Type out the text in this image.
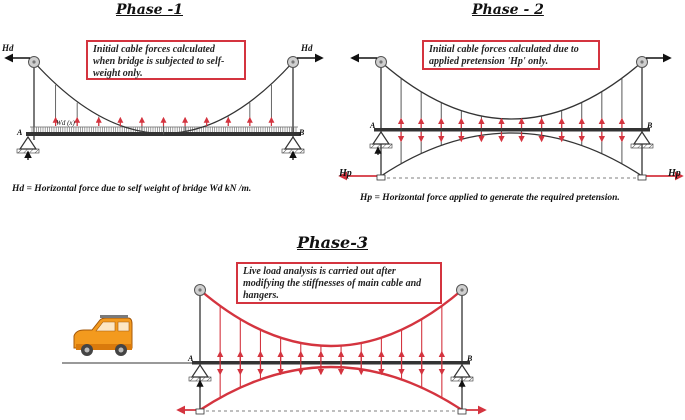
Phase -1	Phase - 2
Phase-3
Initial cable forces calculated when bridge is subjected to self-weight only.
Initial cable forces calculated due to applied pretension 'Hp' only.
Live load analysis is carried out after modifying the stiffnesses of main cable and hangers.
Hd	Hd
A	B
Wd (x)
Hd = Horizontal force due to self weight of bridge Wd kN /m.
A	B
Hp	Hp
Hp = Horizontal force applied to generate the required pretension.
A	B
